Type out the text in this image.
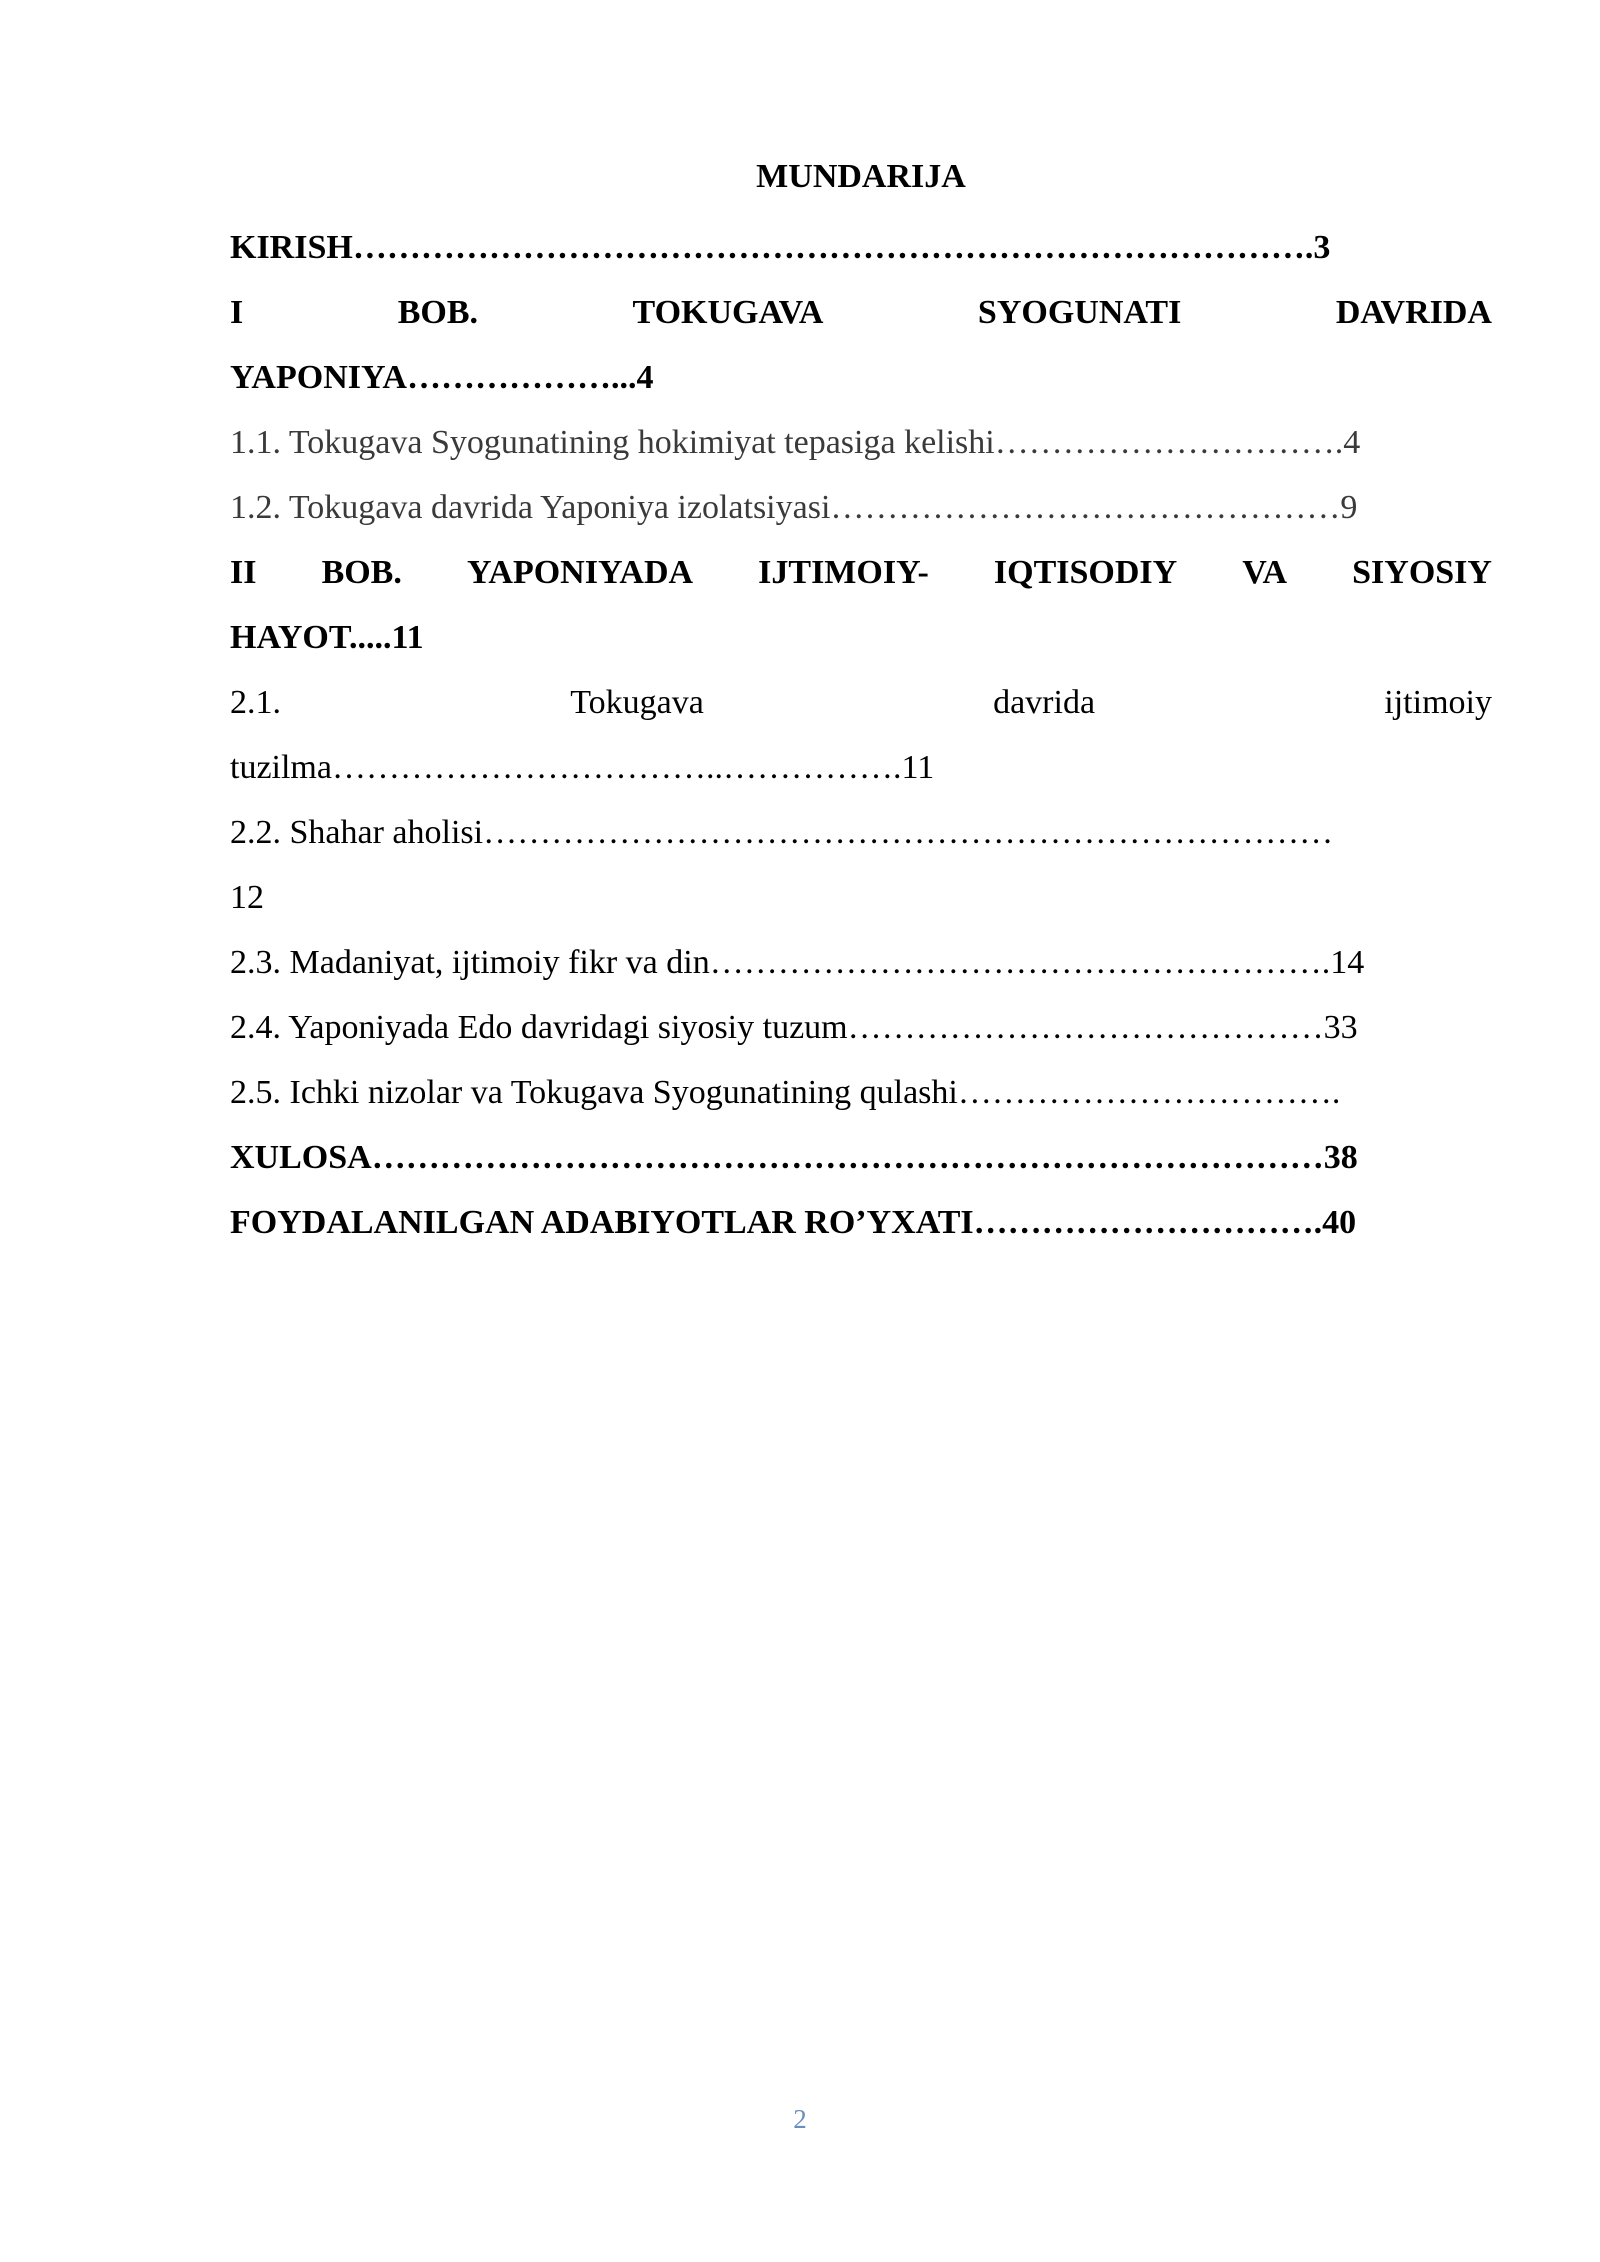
MUNDARIJA
KIRISH………………………………………………………………………….3
I	BOB.	TOKUGAVA	SYOGUNATI	DAVRIDA
YAPONIYA………………...4
1.1. Tokugava Syogunatining hokimiyat tepasiga kelishi………………………….4
1.2. Tokugava davrida Yaponiya izolatsiyasi………………………………………9
II BOB. YAPONIYADA IJTIMOIY- IQTISODIY VA SIYOSIY
HAYOT.....11
2.1.	Tokugava	davrida	ijtimoiy
tuzilma……………………………..…………….11
2.2. Shahar aholisi…………………………………………………………………
12
2.3. Madaniyat, ijtimoiy fikr va din……………………………………………….14
2.4. Yaponiyada Edo davridagi siyosiy tuzum……………………………………33
2.5. Ichki nizolar va Tokugava Syogunatining qulashi…………………………….
XULOSA…………………………………………………………………………38
FOYDALANILGAN ADABIYOTLAR RO’YXATI………………………….40
2
